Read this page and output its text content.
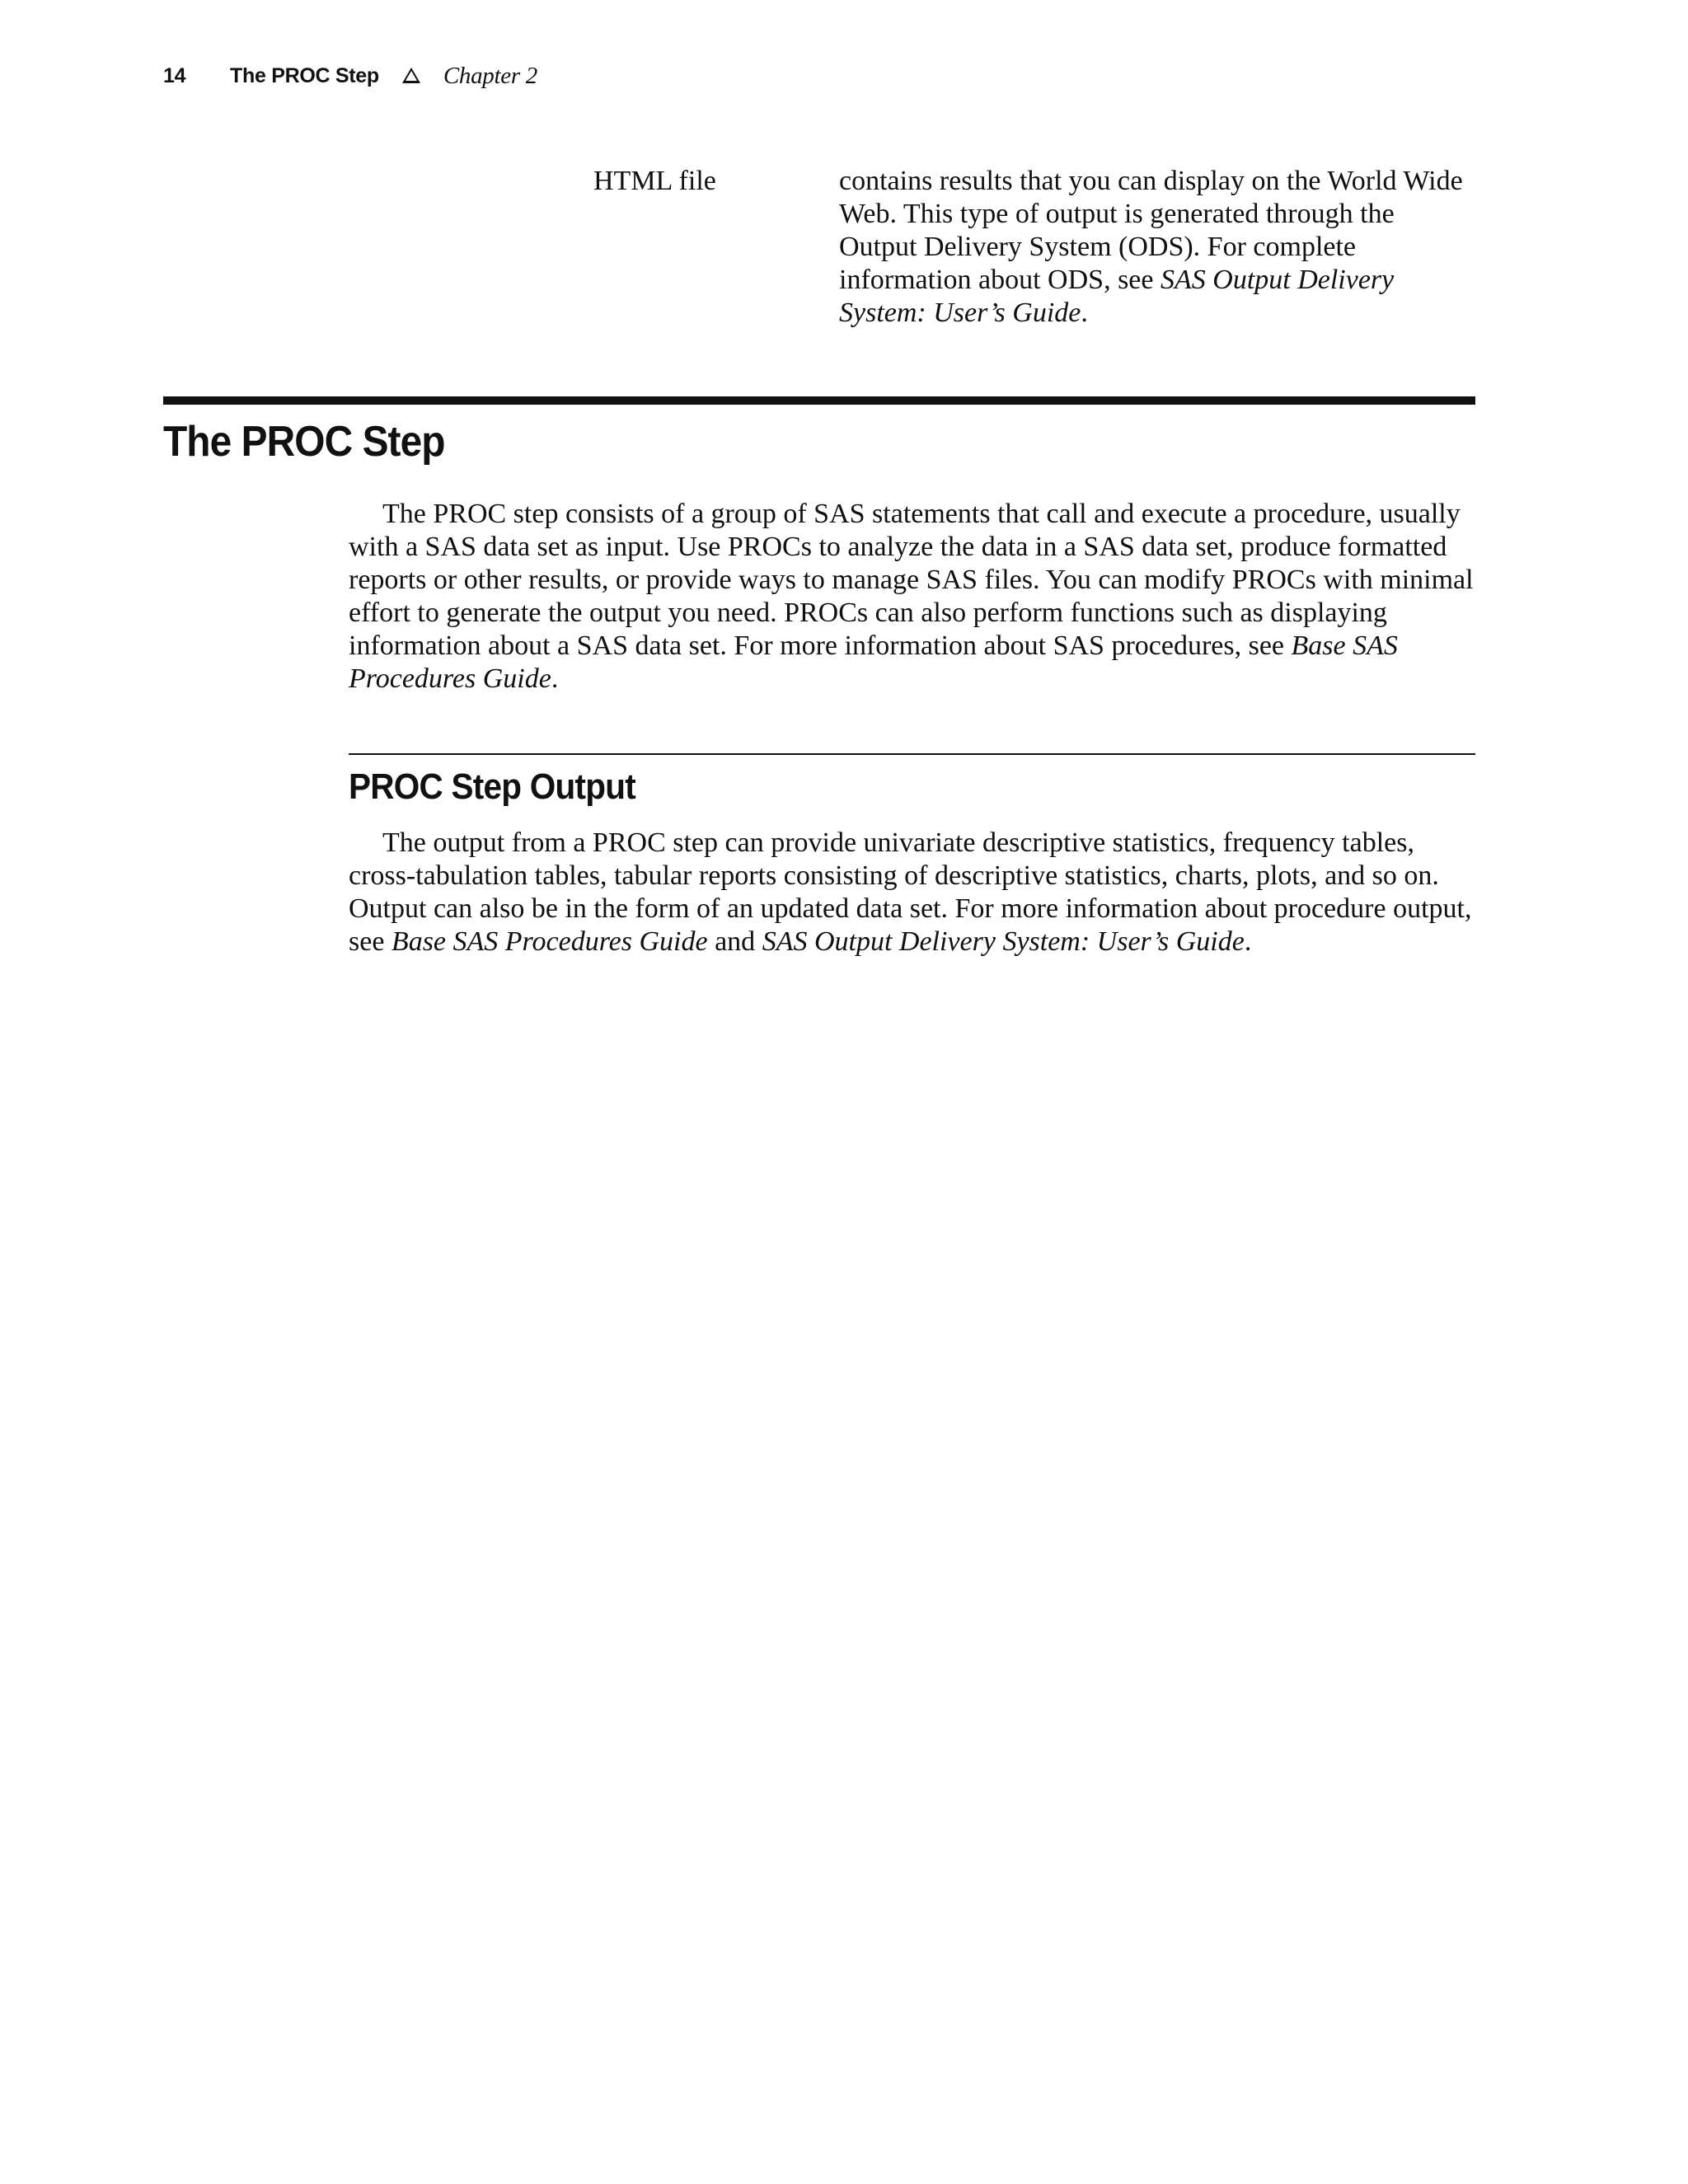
14	The PROC Step	Chapter 2
HTML file	contains results that you can display on the World Wide Web. This type of output is generated through the Output Delivery System (ODS). For complete information about ODS, see SAS Output Delivery System: User’s Guide.
The PROC Step

The PROC step consists of a group of SAS statements that call and execute a procedure, usually with a SAS data set as input. Use PROCs to analyze the data in a SAS data set, produce formatted reports or other results, or provide ways to manage SAS files. You can modify PROCs with minimal effort to generate the output you need. PROCs can also perform functions such as displaying information about a SAS data set. For more information about SAS procedures, see Base SAS Procedures Guide.

PROC Step Output

The output from a PROC step can provide univariate descriptive statistics, frequency tables, cross-tabulation tables, tabular reports consisting of descriptive statistics, charts, plots, and so on. Output can also be in the form of an updated data set. For more information about procedure output, see Base SAS Procedures Guide and SAS Output Delivery System: User’s Guide.
